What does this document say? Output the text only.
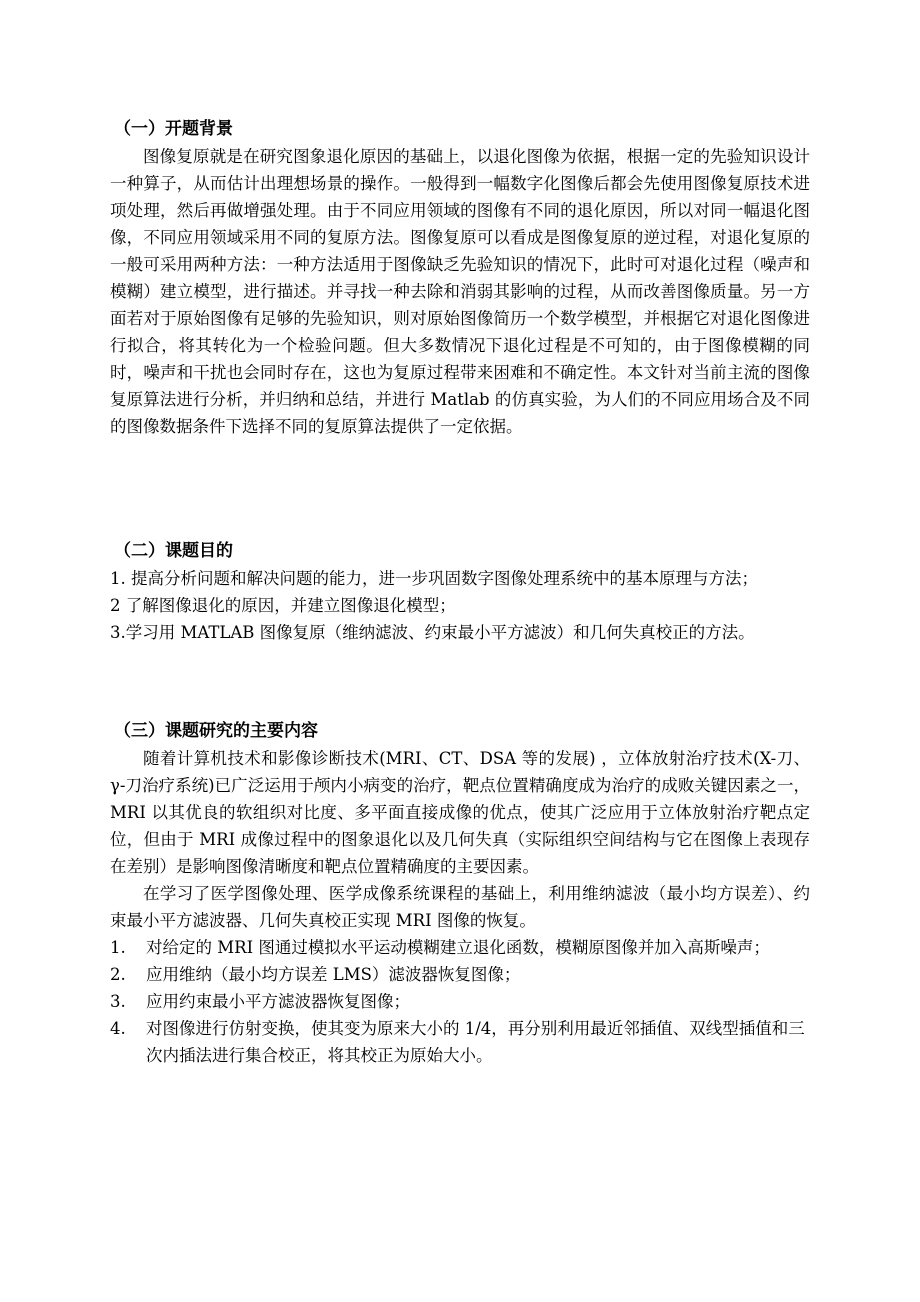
（一）开题背景

图像复原就是在研究图象退化原因的基础上，以退化图像为依据，根据一定的先验知识设计一种算子，从而估计出理想场景的操作。一般得到一幅数字化图像后都会先使用图像复原技术进项处理，然后再做增强处理。由于不同应用领域的图像有不同的退化原因，所以对同一幅退化图像，不同应用领域采用不同的复原方法。图像复原可以看成是图像复原的逆过程，对退化复原的一般可采用两种方法：一种方法适用于图像缺乏先验知识的情况下，此时可对退化过程（噪声和模糊）建立模型，进行描述。并寻找一种去除和消弱其影响的过程，从而改善图像质量。另一方面若对于原始图像有足够的先验知识，则对原始图像简历一个数学模型，并根据它对退化图像进行拟合，将其转化为一个检验问题。但大多数情况下退化过程是不可知的，由于图像模糊的同时，噪声和干扰也会同时存在，这也为复原过程带来困难和不确定性。本文针对当前主流的图像复原算法进行分析，并归纳和总结，并进行 Matlab 的仿真实验，为人们的不同应用场合及不同的图像数据条件下选择不同的复原算法提供了一定依据。

（二）课题目的

1. 提高分析问题和解决问题的能力，进一步巩固数字图像处理系统中的基本原理与方法；

2 了解图像退化的原因，并建立图像退化模型；

3.学习用 MATLAB 图像复原（维纳滤波、约束最小平方滤波）和几何失真校正的方法。

（三）课题研究的主要内容

随着计算机技术和影像诊断技术(MRI、CT、DSA 等的发展) ，立体放射治疗技术(X-刀、γ-刀治疗系统)已广泛运用于颅内小病变的治疗，靶点位置精确度成为治疗的成败关键因素之一，MRI 以其优良的软组织对比度、多平面直接成像的优点，使其广泛应用于立体放射治疗靶点定位，但由于 MRI 成像过程中的图象退化以及几何失真（实际组织空间结构与它在图像上表现存在差别）是影响图像清晰度和靶点位置精确度的主要因素。

在学习了医学图像处理、医学成像系统课程的基础上，利用维纳滤波（最小均方误差）、约束最小平方滤波器、几何失真校正实现 MRI 图像的恢复。

1. 对给定的 MRI 图通过模拟水平运动模糊建立退化函数，模糊原图像并加入高斯噪声；
2. 应用维纳（最小均方误差 LMS）滤波器恢复图像；
3. 应用约束最小平方滤波器恢复图像；
4. 对图像进行仿射变换，使其变为原来大小的 1/4，再分别利用最近邻插值、双线型插值和三次内插法进行集合校正，将其校正为原始大小。
